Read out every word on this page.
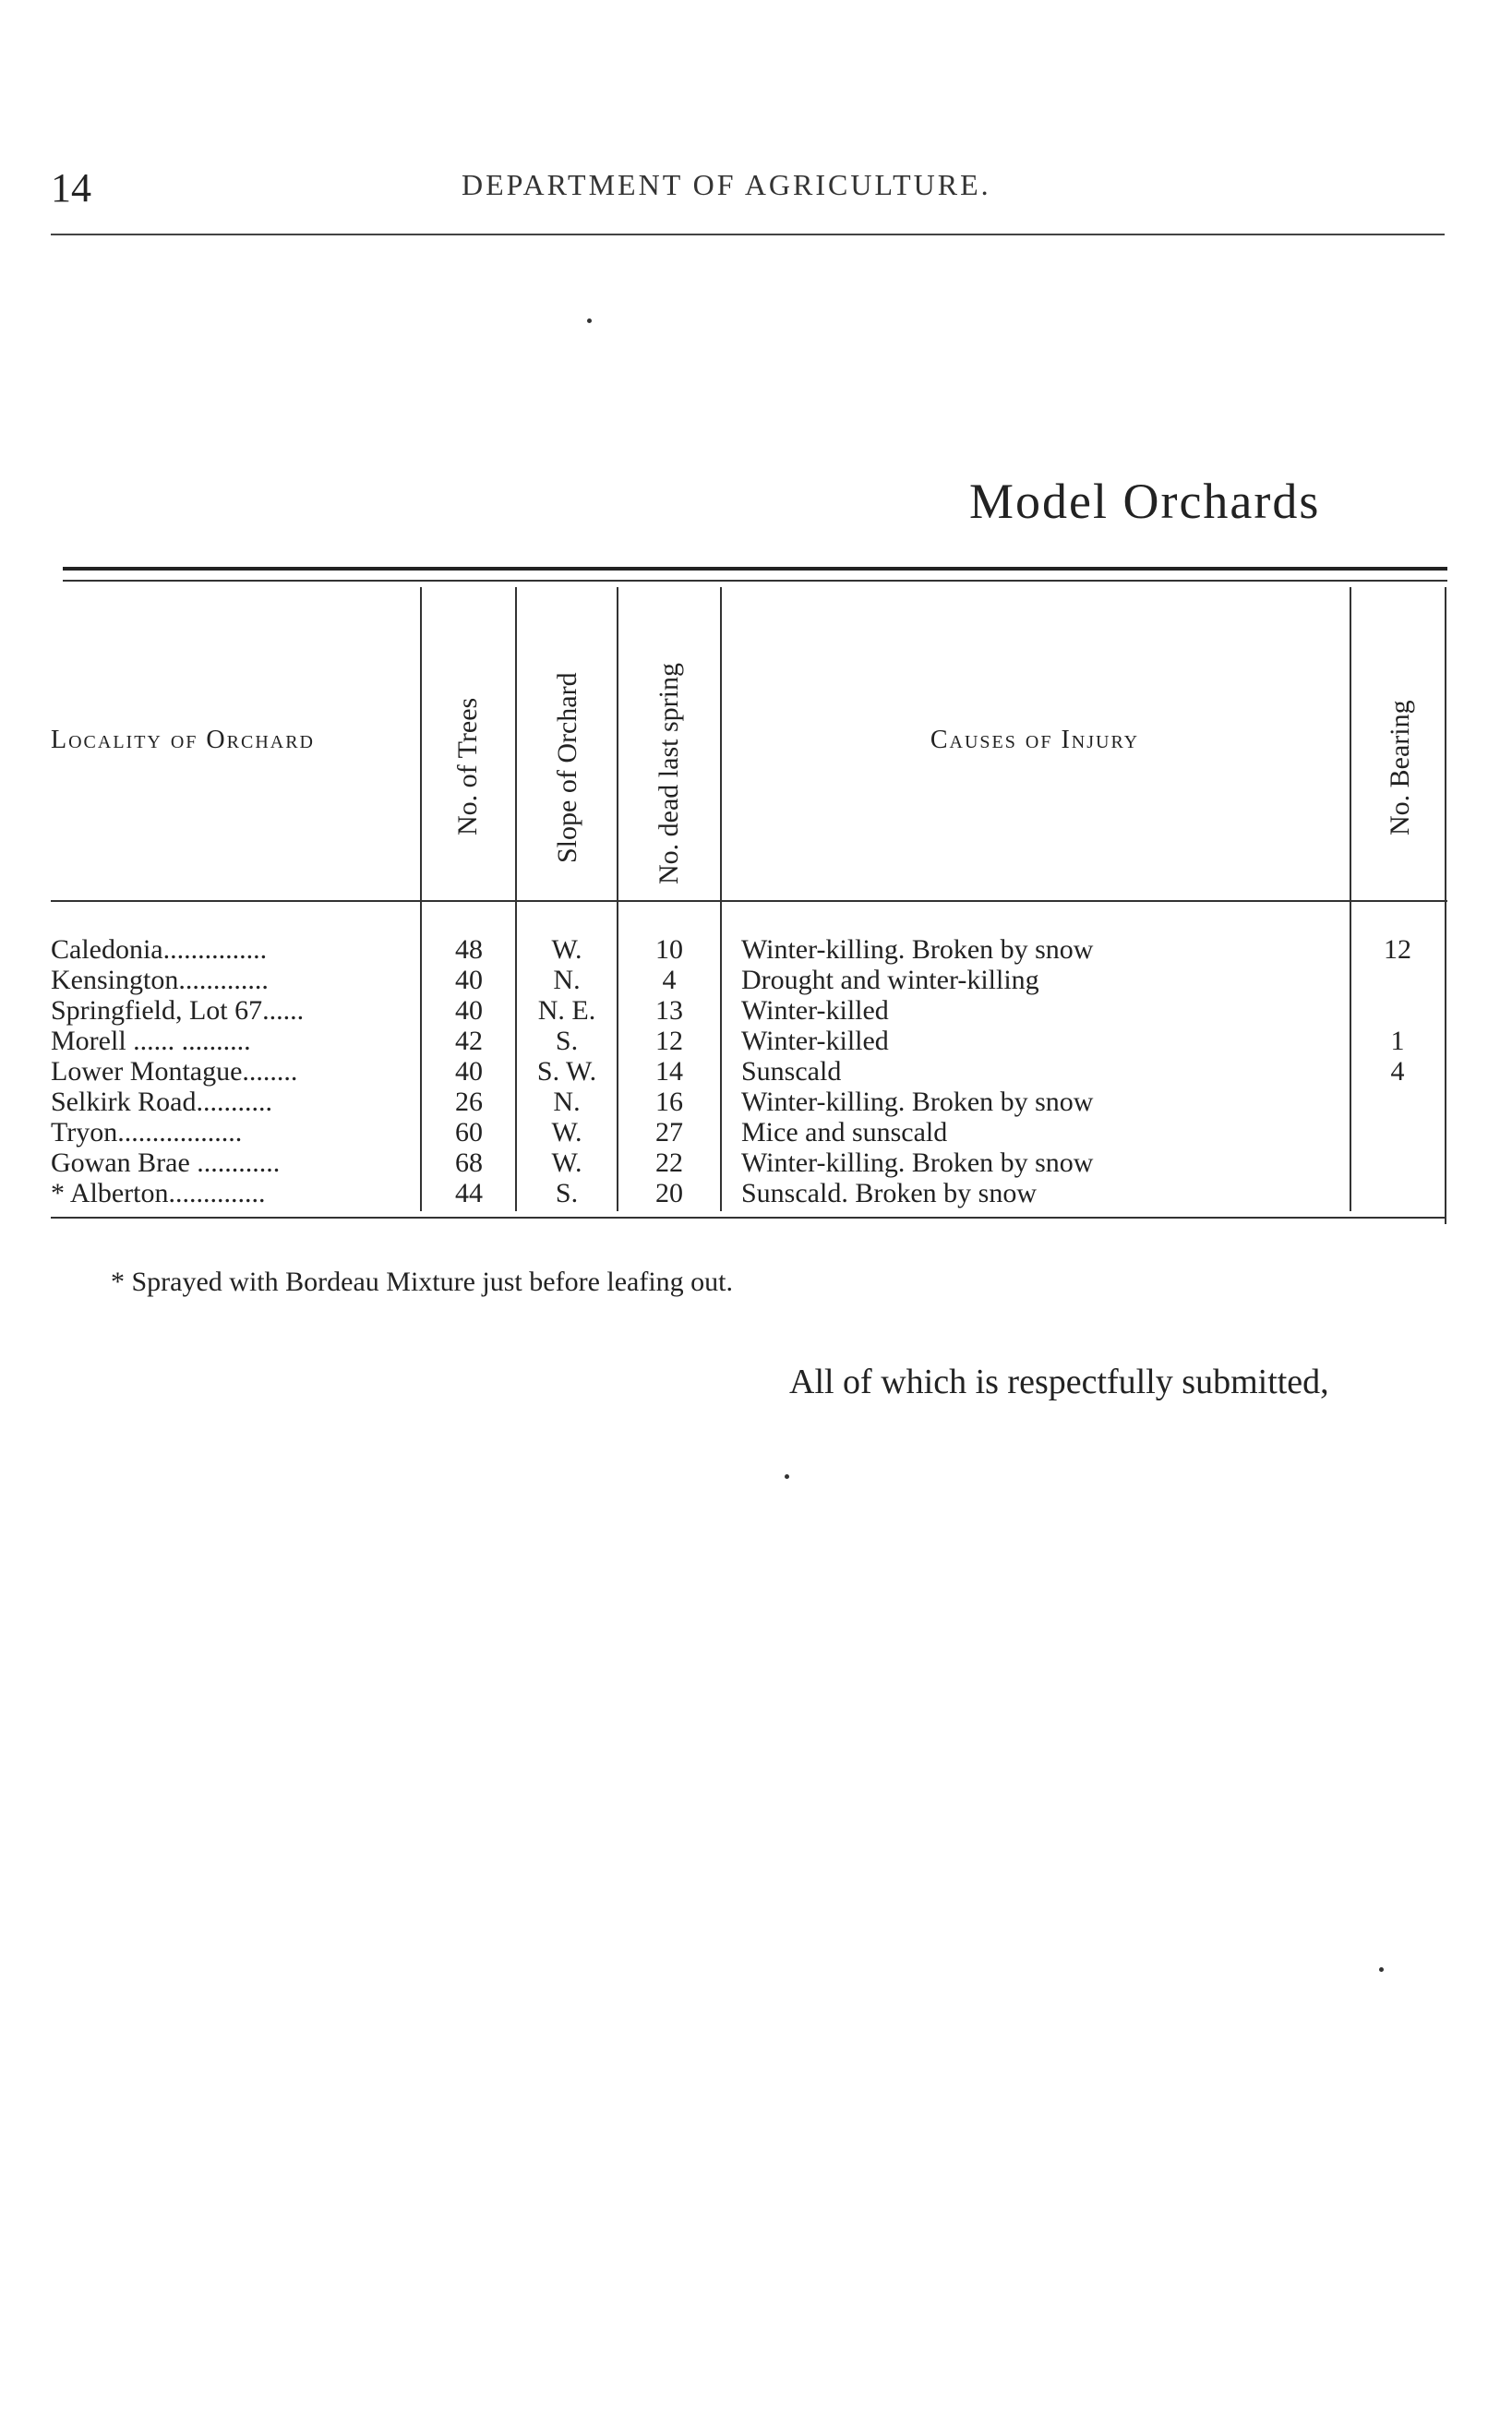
14	DEPARTMENT OF AGRICULTURE.
Model Orchards
Locality of Orchard	No. of Trees	Slope of Orchard	No. dead last spring	Causes of Injury	No. Bearing
Caledonia...............	48	W.	10	Winter-killing. Broken by snow	12
Kensington.............	40	N.	4	Drought and winter-killing
Springfield, Lot 67......	40	N. E.	13	Winter-killed
Morell ...... ..........	42	S.	12	Winter-killed	1
Lower Montague........	40	S. W.	14	Sunscald	4
Selkirk Road...........	26	N.	16	Winter-killing. Broken by snow
Tryon..................	60	W.	27	Mice and sunscald
Gowan Brae ............	68	W.	22	Winter-killing. Broken by snow
* Alberton..............	44	S.	20	Sunscald. Broken by snow
* Sprayed with Bordeau Mixture just before leafing out.
All of which is respectfully submitted,
